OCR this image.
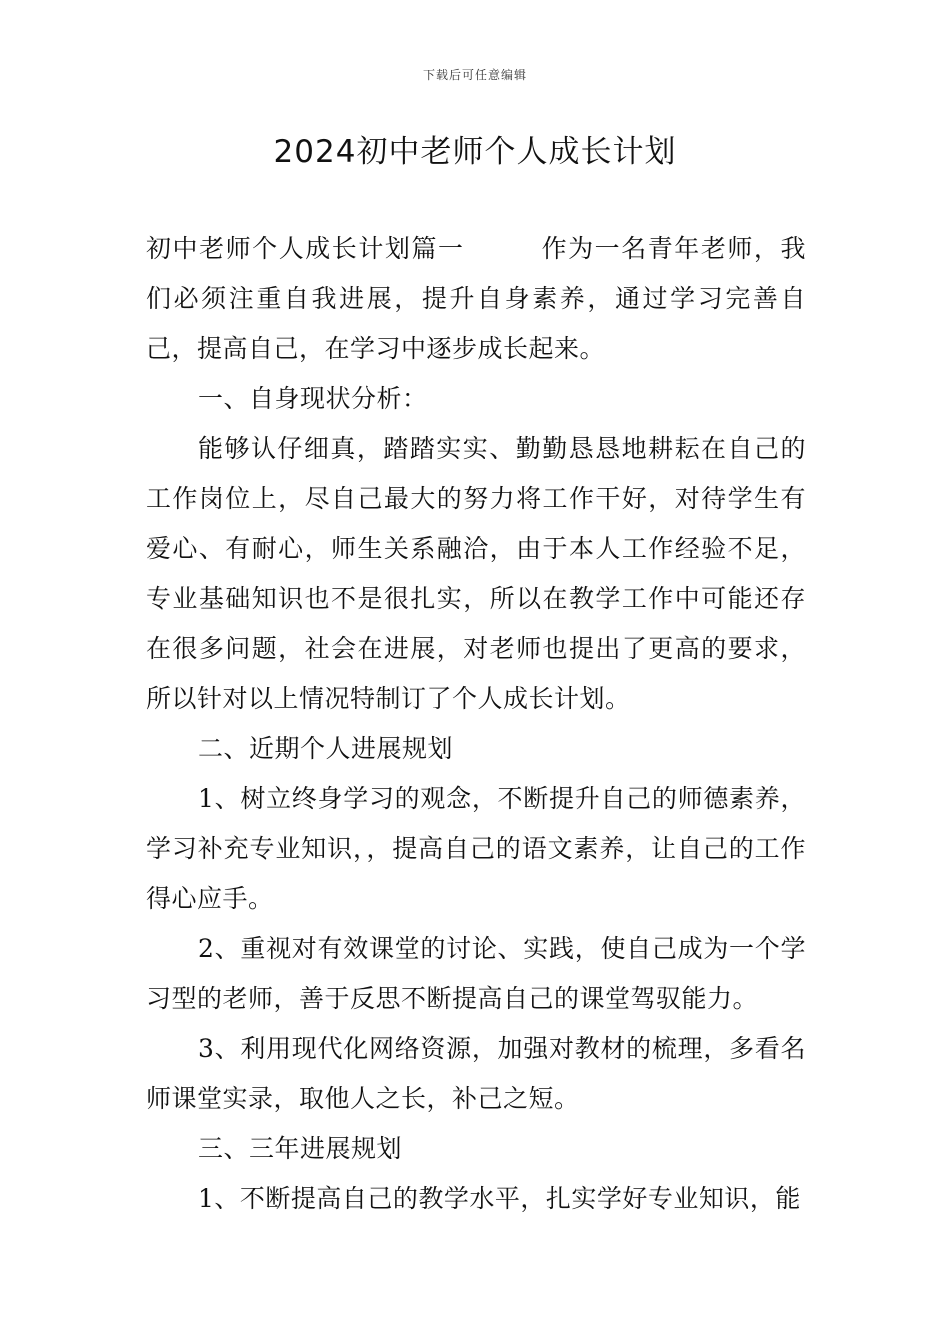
下载后可任意编辑
2024初中老师个人成长计划

初中老师个人成长计划篇一	作为一名青年老师，我们必须注重自我进展，提升自身素养，通过学习完善自己，提高自己，在学习中逐步成长起来。

一、自身现状分析：

能够认仔细真，踏踏实实、勤勤恳恳地耕耘在自己的工作岗位上，尽自己最大的努力将工作干好，对待学生有爱心、有耐心，师生关系融洽，由于本人工作经验不足，专业基础知识也不是很扎实，所以在教学工作中可能还存在很多问题，社会在进展，对老师也提出了更高的要求，所以针对以上情况特制订了个人成长计划。

二、近期个人进展规划

1、树立终身学习的观念，不断提升自己的师德素养，学习补充专业知识，，提高自己的语文素养，让自己的工作得心应手。

2、重视对有效课堂的讨论、实践，使自己成为一个学习型的老师，善于反思不断提高自己的课堂驾驭能力。

3、利用现代化网络资源，加强对教材的梳理，多看名师课堂实录，取他人之长，补己之短。

三、三年进展规划

1、不断提高自己的教学水平，扎实学好专业知识，能
